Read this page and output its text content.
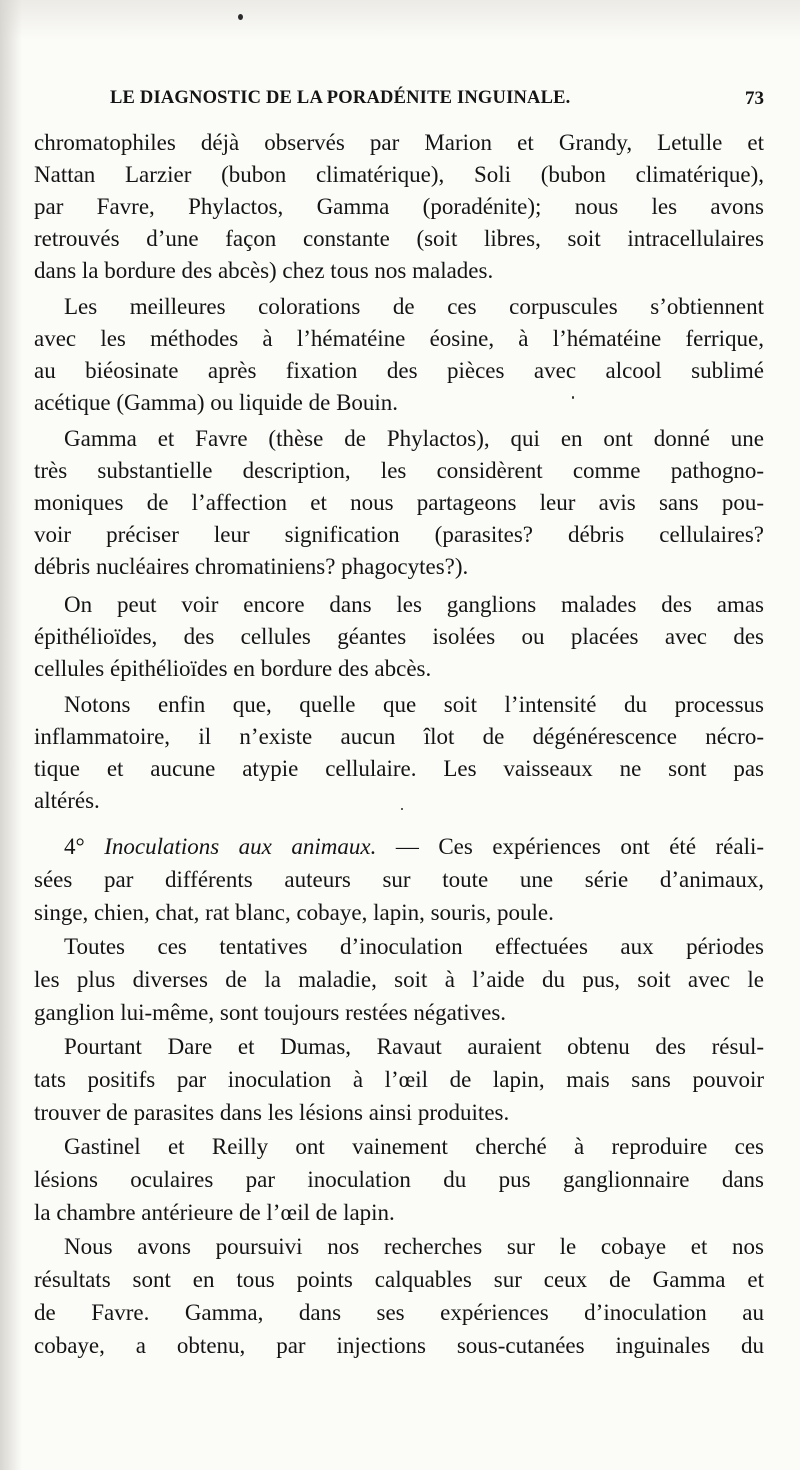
LE DIAGNOSTIC DE LA PORADÉNITE INGUINALE.	73
chromatophiles déjà observés par Marion et Grandy, Letulle et
Nattan Larzier (bubon climatérique), Soli (bubon climatérique),
par Favre, Phylactos, Gamma (poradénite); nous les avons
retrouvés d’une façon constante (soit libres, soit intracellulaires
dans la bordure des abcès) chez tous nos malades.
Les meilleures colorations de ces corpuscules s’obtiennent
avec les méthodes à l’hématéine éosine, à l’hématéine ferrique,
au biéosinate après fixation des pièces avec alcool sublimé
acétique (Gamma) ou liquide de Bouin.
Gamma et Favre (thèse de Phylactos), qui en ont donné une
très substantielle description, les considèrent comme pathogno-
moniques de l’affection et nous partageons leur avis sans pou-
voir préciser leur signification (parasites? débris cellulaires?
débris nucléaires chromatiniens? phagocytes?).
On peut voir encore dans les ganglions malades des amas
épithélioïdes, des cellules géantes isolées ou placées avec des
cellules épithélioïdes en bordure des abcès.
Notons enfin que, quelle que soit l’intensité du processus
inflammatoire, il n’existe aucun îlot de dégénérescence nécro-
tique et aucune atypie cellulaire. Les vaisseaux ne sont pas
altérés.
4° Inoculations aux animaux. — Ces expériences ont été réali-
sées par différents auteurs sur toute une série d’animaux,
singe, chien, chat, rat blanc, cobaye, lapin, souris, poule.
Toutes ces tentatives d’inoculation effectuées aux périodes
les plus diverses de la maladie, soit à l’aide du pus, soit avec le
ganglion lui-même, sont toujours restées négatives.
Pourtant Dare et Dumas, Ravaut auraient obtenu des résul-
tats positifs par inoculation à l’œil de lapin, mais sans pouvoir
trouver de parasites dans les lésions ainsi produites.
Gastinel et Reilly ont vainement cherché à reproduire ces
lésions oculaires par inoculation du pus ganglionnaire dans
la chambre antérieure de l’œil de lapin.
Nous avons poursuivi nos recherches sur le cobaye et nos
résultats sont en tous points calquables sur ceux de Gamma et
de Favre. Gamma, dans ses expériences d’inoculation au
cobaye, a obtenu, par injections sous-cutanées inguinales du
